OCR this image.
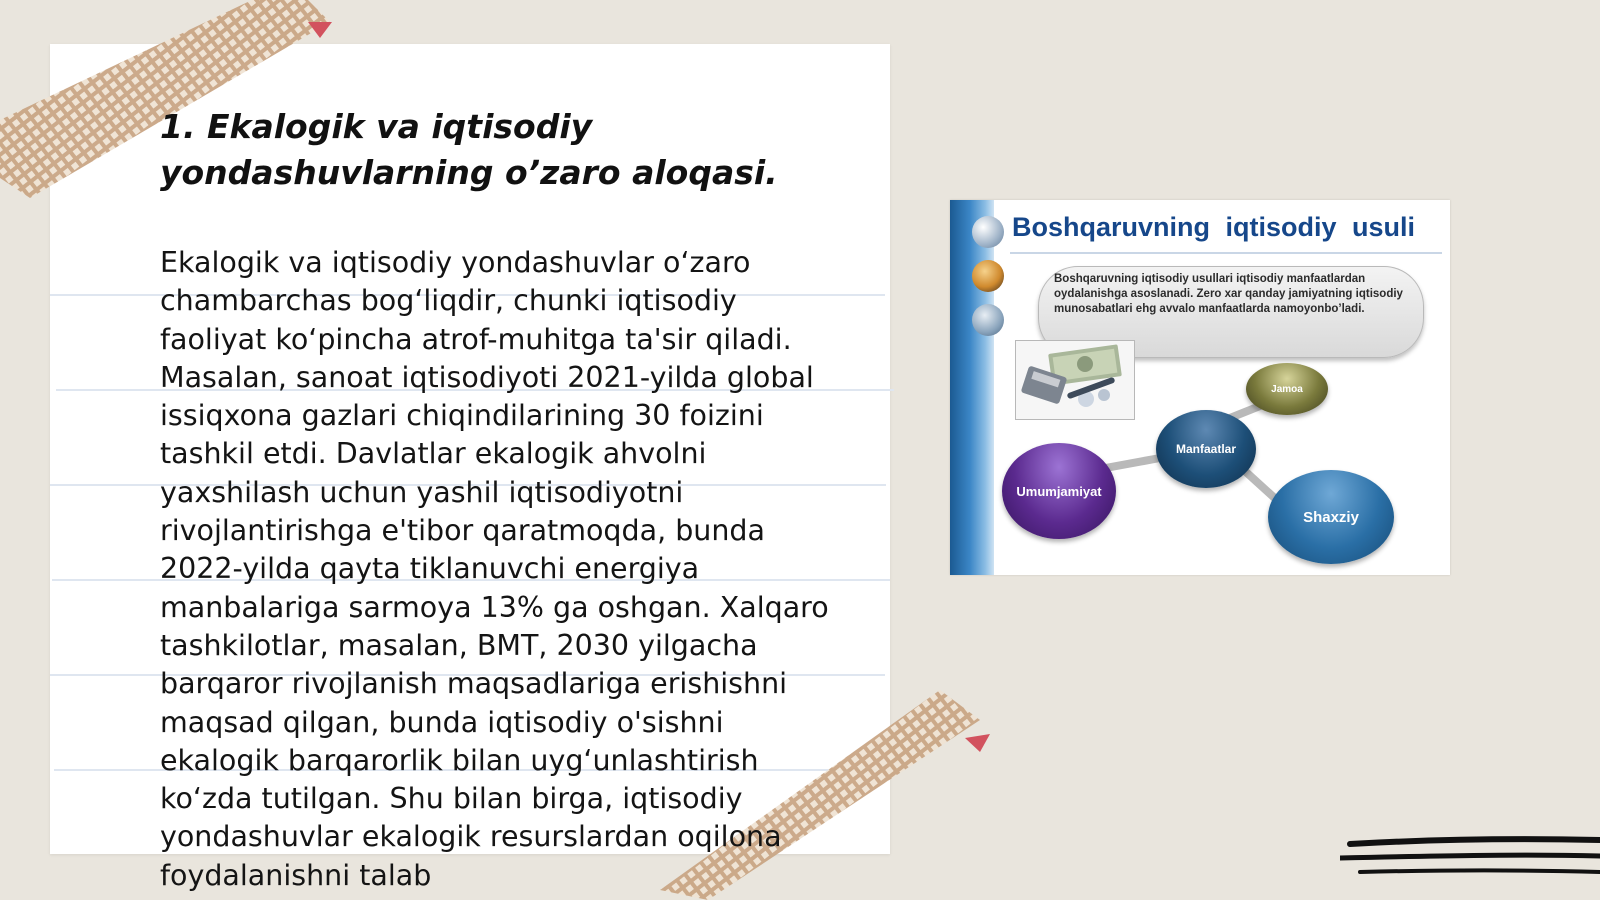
1. Ekalogik va iqtisodiy yondashuvlarning o’zaro aloqasi.

Ekalogik va iqtisodiy yondashuvlar o‘zaro chambarchas bog‘liqdir, chunki iqtisodiy faoliyat ko‘pincha atrof-muhitga ta'sir qiladi. Masalan, sanoat iqtisodiyoti 2021-yilda global issiqxona gazlari chiqindilarining 30 foizini tashkil etdi. Davlatlar ekalogik ahvolni yaxshilash uchun yashil iqtisodiyotni rivojlantirishga e'tibor qaratmoqda, bunda 2022-yilda qayta tiklanuvchi energiya manbalariga sarmoya 13% ga oshgan. Xalqaro tashkilotlar, masalan, BMT, 2030 yilgacha barqaror rivojlanish maqsadlariga erishishni maqsad qilgan, bunda iqtisodiy o'sishni ekalogik barqarorlik bilan uyg‘unlashtirish ko‘zda tutilgan. Shu bilan birga, iqtisodiy yondashuvlar ekalogik resurslardan oqilona foydalanishni talab

Boshqaruvning iqtisodiy usuli

Boshqaruvning iqtisodiy usullari iqtisodiy manfaatlardan oydalanishga asoslanadi. Zero xar qanday jamiyatning iqtisodiy munosabatlari ehg avvalo manfaatlarda namoyonbo’ladi.

Jamoa
Manfaatlar
Umumjamiyat
Shaxziy
